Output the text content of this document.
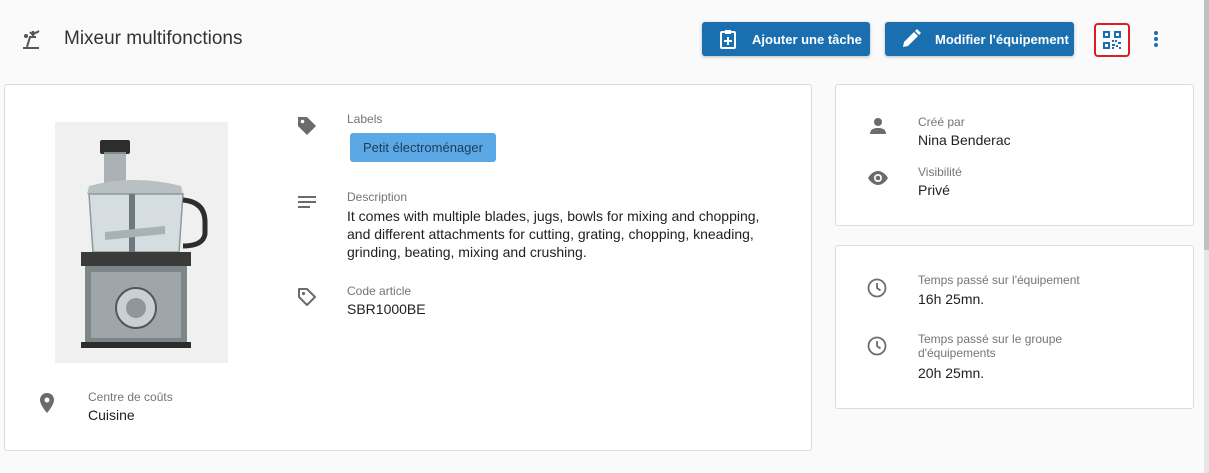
Mixeur multifonctions	Ajouter une tâche	Modifier l'équipement
Labels
Petit électroménager
Description
It comes with multiple blades, jugs, bowls for mixing and chopping, and different attachments for cutting, grating, chopping, kneading, grinding, beating, mixing and crushing.
Code article
SBR1000BE
Centre de coûts
Cuisine
Créé par
Nina Benderac
Visibilité
Privé
Temps passé sur l'équipement
16h 25mn.
Temps passé sur le groupe d'équipements
20h 25mn.
